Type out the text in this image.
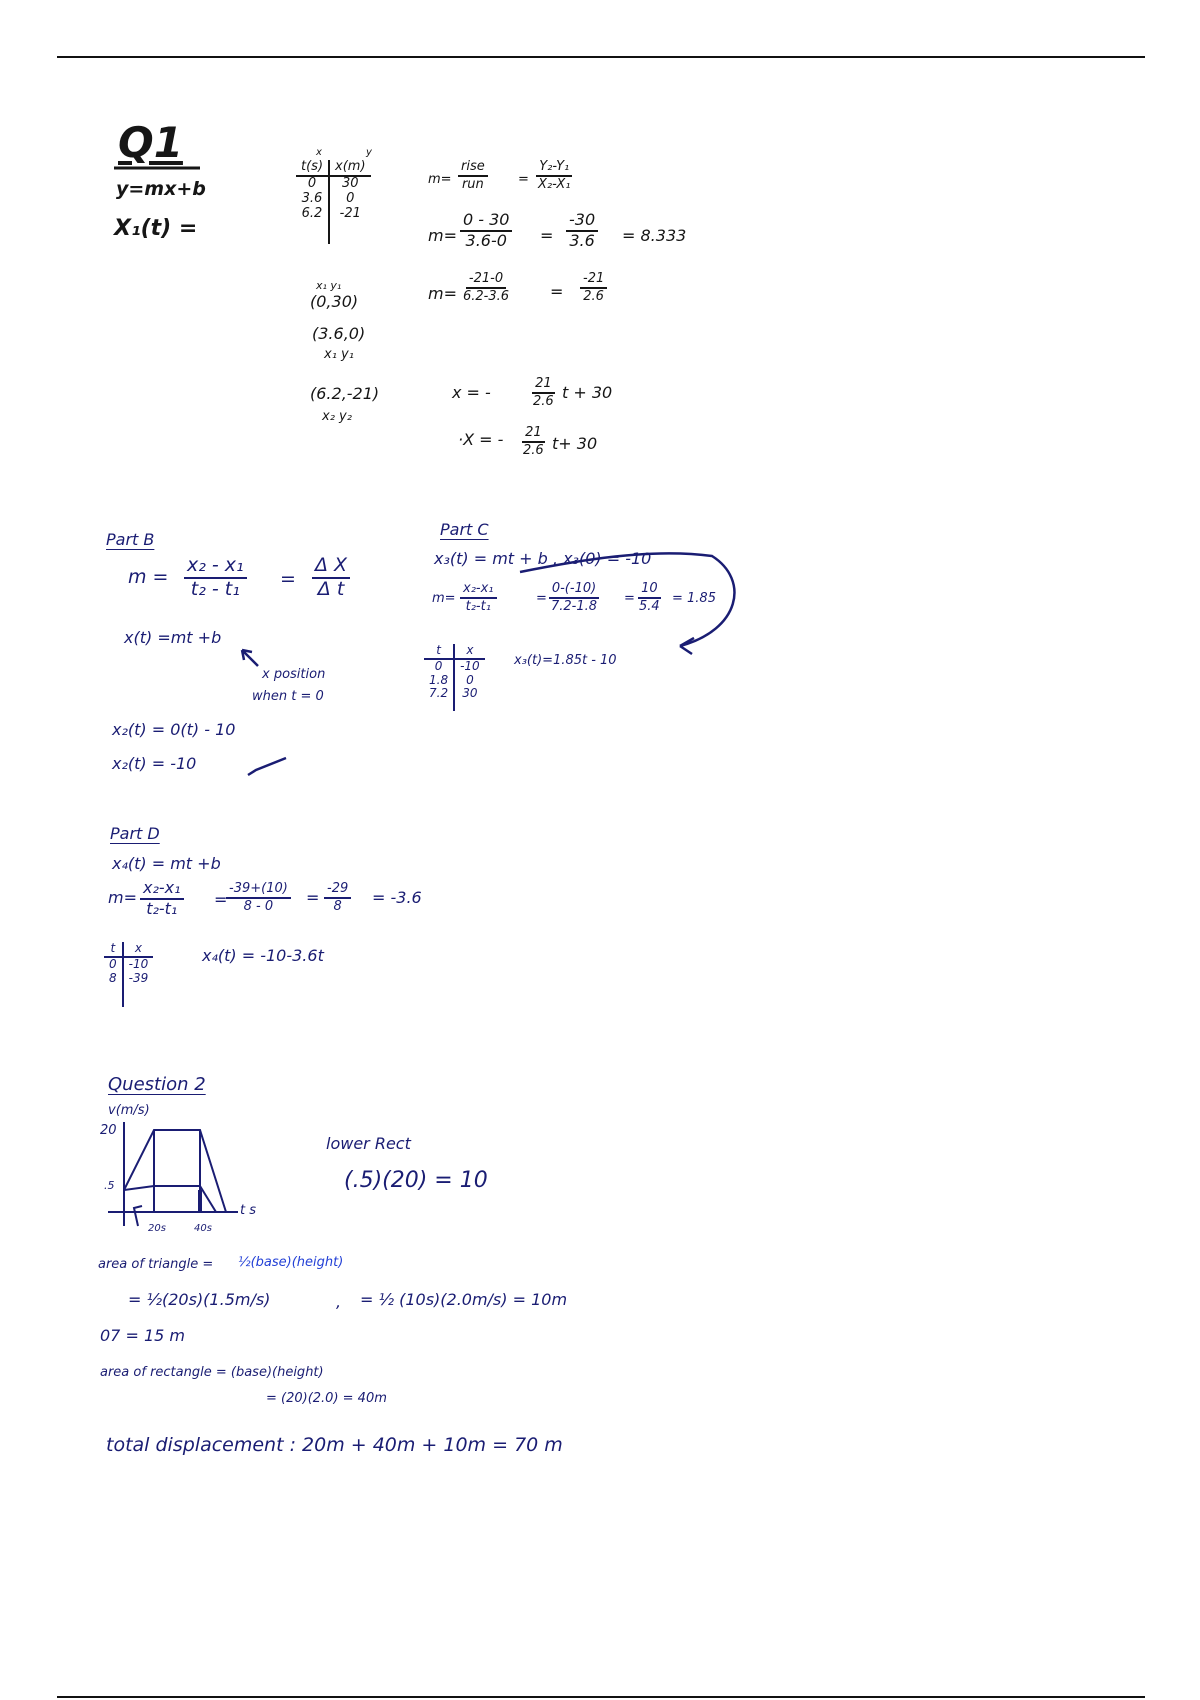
Q1
y=mx+b
X₁(t) =
x	y
t(s)	x(m)
0	30
3.6	0
6.2	-21
m=
rise
run	= $\frac{\text{Y₂-Y₁}}{\text{X₂-X₁}}$
$m= \frac{0 - 30}{3.6-0} = \frac{-30}{3.6} = 8.333$
x₁ y₁
(0,30)
(3.6,0)
x₁ y₁
(6.2,-21)
x₂ y₂
$m= \frac{-21-0}{6.2-3.6} = \frac{-21}{2.6}$
x = -	$\frac{21}{2.6}$ t + 30
·X = - $\frac{21}{2.6} t+ 30$
Part B
$m = \frac{\text{x₂ - x₁}}{\text{t₂ - t₁}} = \frac{\text{Δ X}}{\text{Δ t}}$
x(t) =mt +b
x position
when t = 0
x₂(t) = 0(t) - 10
x₂(t) = -10
Part C
x₃(t) = mt + b , x₃(0) = -10
$m= \frac{\text{x₂-x₁}}{\text{t₂-t₁}}$	= $\frac{0-(-10)}{7.2-1.8} = \frac{10}{5.4} = 1.85$
t	x
0	-10
1.8	0
7.2	30
x₃(t)=1.85t - 10
Part D
x₄(t) = mt +b
$m= \frac{\text{x₂-x₁}}{\text{t₂-t₁}}$ =
$\frac{-39+(10)}{8 - 0} = \frac{-29}{8} = -3.6$
t	x
0	-10
8	-39
x₄(t) = -10-3.6t
Question 2
v(m/s)
20
.5
t s
20s	40s
lower Rect
(.5)(20) = 10
area of triangle = ½(base)(height)
= ½(20s)(1.5m/s)	, = ½ (10s)(2.0m/s) = 10m
07 = 15 m
area of rectangle = (base)(height)
= (20)(2.0) = 40m
total displacement : 20m + 40m + 10m = 70 m
